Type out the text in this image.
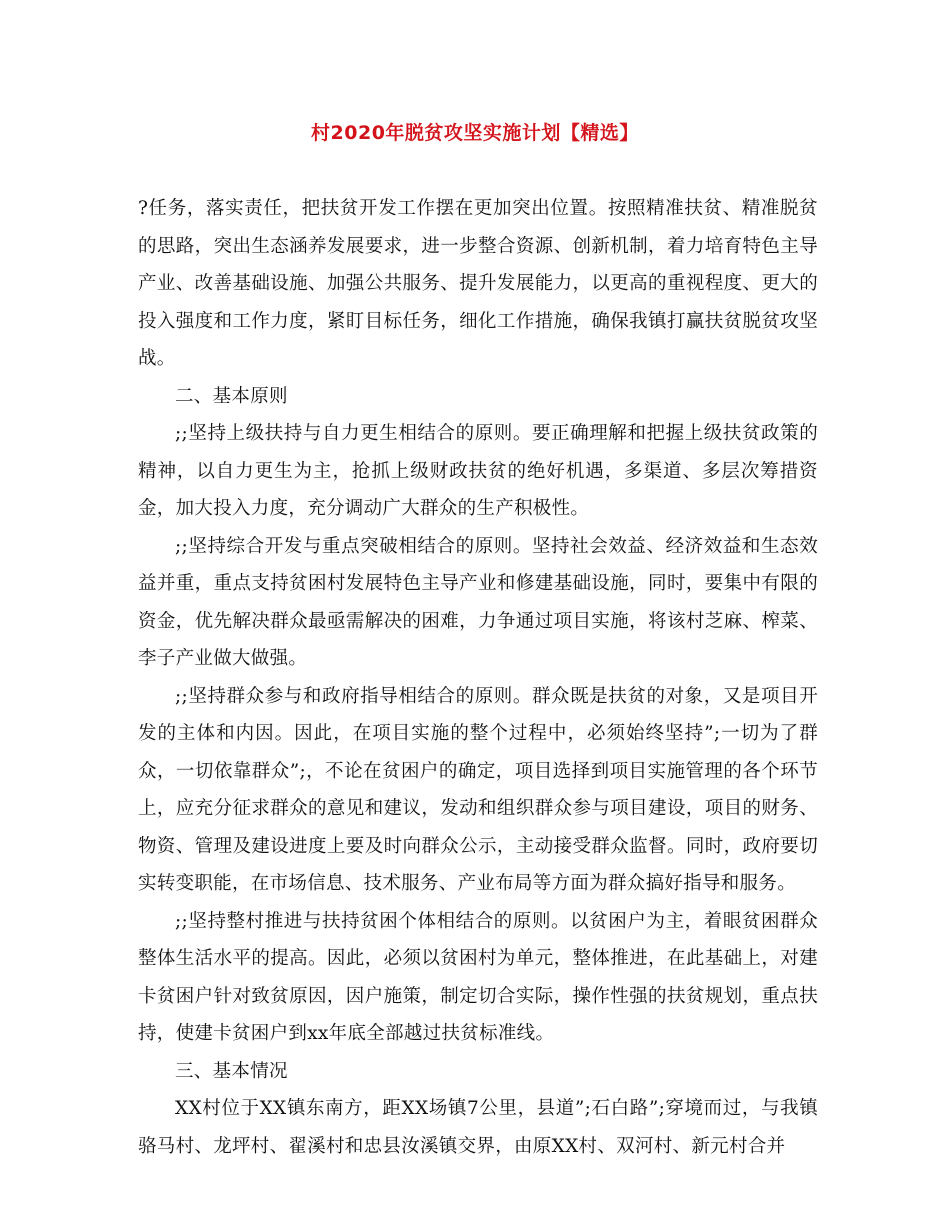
村2020年脱贫攻坚实施计划【精选】

?任务，落实责任，把扶贫开发工作摆在更加突出位置。按照精准扶贫、精准脱贫的思路，突出生态涵养发展要求，进一步整合资源、创新机制，着力培育特色主导产业、改善基础设施、加强公共服务、提升发展能力，以更高的重视程度、更大的投入强度和工作力度，紧盯目标任务，细化工作措施，确保我镇打赢扶贫脱贫攻坚战。

二、基本原则

;;坚持上级扶持与自力更生相结合的原则。要正确理解和把握上级扶贫政策的精神，以自力更生为主，抢抓上级财政扶贫的绝好机遇，多渠道、多层次筹措资金，加大投入力度，充分调动广大群众的生产积极性。

;;坚持综合开发与重点突破相结合的原则。坚持社会效益、经济效益和生态效益并重，重点支持贫困村发展特色主导产业和修建基础设施，同时，要集中有限的资金，优先解决群众最亟需解决的困难，力争通过项目实施，将该村芝麻、榨菜、李子产业做大做强。

;;坚持群众参与和政府指导相结合的原则。群众既是扶贫的对象，又是项目开发的主体和内因。因此，在项目实施的整个过程中，必须始终坚持”;一切为了群众，一切依靠群众”;，不论在贫困户的确定，项目选择到项目实施管理的各个环节上，应充分征求群众的意见和建议，发动和组织群众参与项目建设，项目的财务、物资、管理及建设进度上要及时向群众公示，主动接受群众监督。同时，政府要切实转变职能，在市场信息、技术服务、产业布局等方面为群众搞好指导和服务。

;;坚持整村推进与扶持贫困个体相结合的原则。以贫困户为主，着眼贫困群众整体生活水平的提高。因此，必须以贫困村为单元，整体推进，在此基础上，对建卡贫困户针对致贫原因，因户施策，制定切合实际，操作性强的扶贫规划，重点扶持，使建卡贫困户到xx年底全部越过扶贫标准线。

三、基本情况

XX村位于XX镇东南方，距XX场镇7公里，县道”;石白路”;穿境而过，与我镇骆马村、龙坪村、翟溪村和忠县汝溪镇交界，由原XX村、双河村、新元村合并
